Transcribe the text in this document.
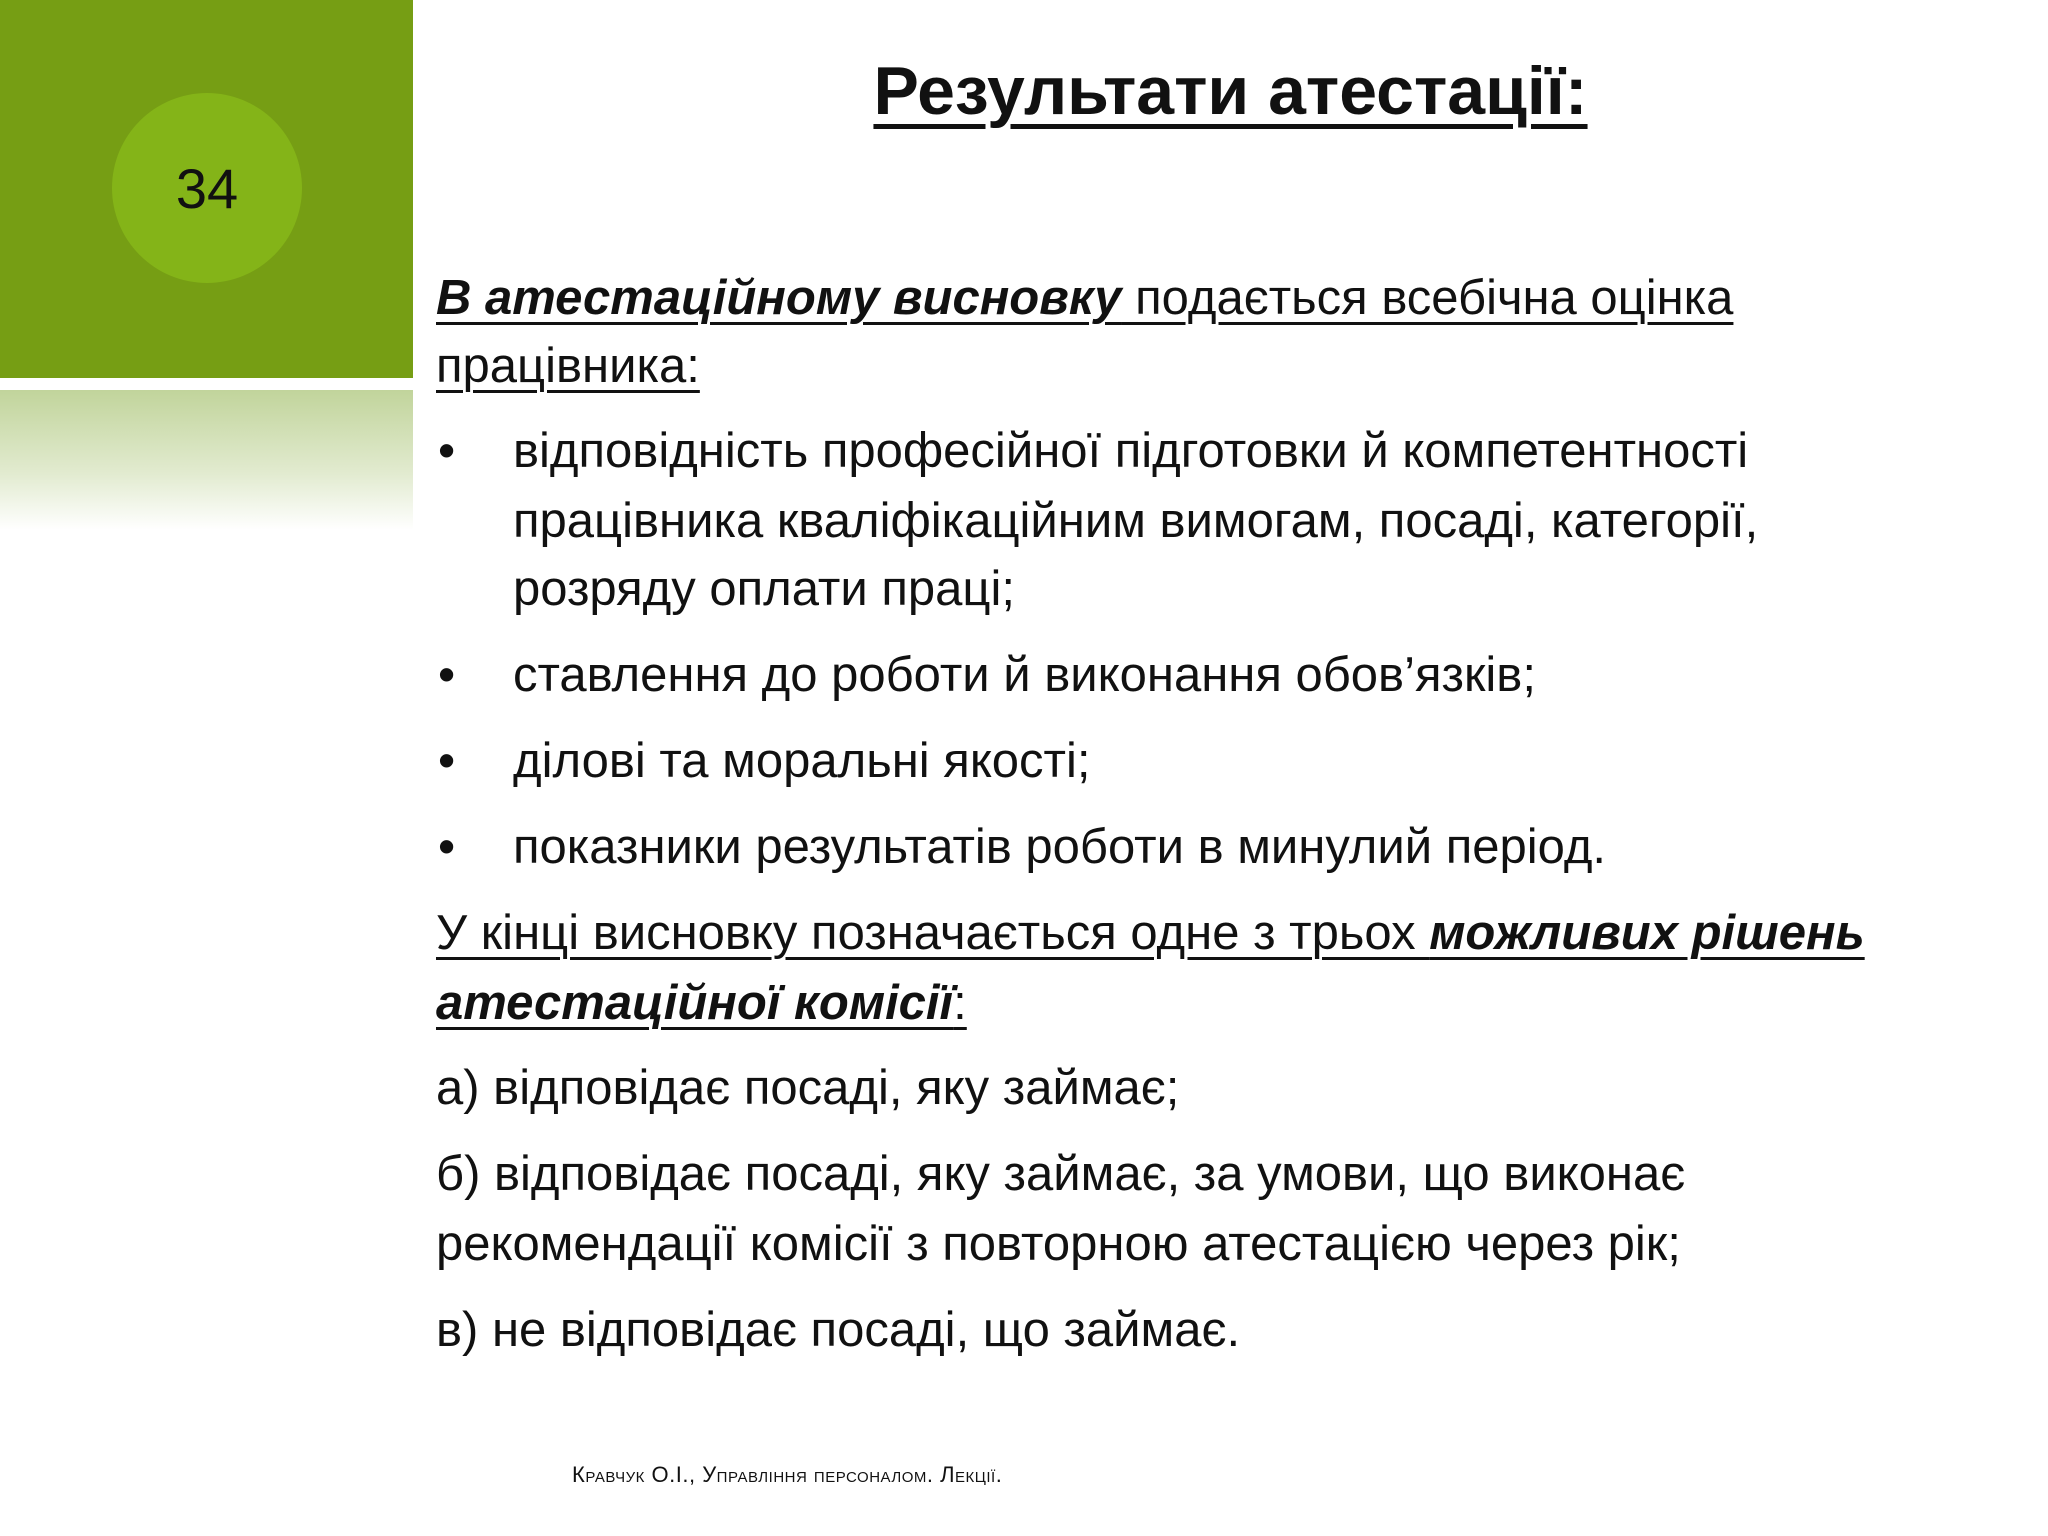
34
Результати атестації:
В атестаційному висновку подається всебічна оцінка
працівника:
• відповідність професійної підготовки й компетентності
працівника кваліфікаційним вимогам, посаді, категорії,
розряду оплати праці;
• ставлення до роботи й виконання обов’язків;
• ділові та моральні якості;
• показники результатів роботи в минулий період.
У кінці висновку позначається одне з трьох можливих рішень
атестаційної комісії:
а) відповідає посаді, яку займає;
б) відповідає посаді, яку займає, за умови, що виконає
рекомендації комісії з повторною атестацією через рік;
в) не відповідає посаді, що займає.
Кравчук О.І., Управління персоналом. Лекції.
